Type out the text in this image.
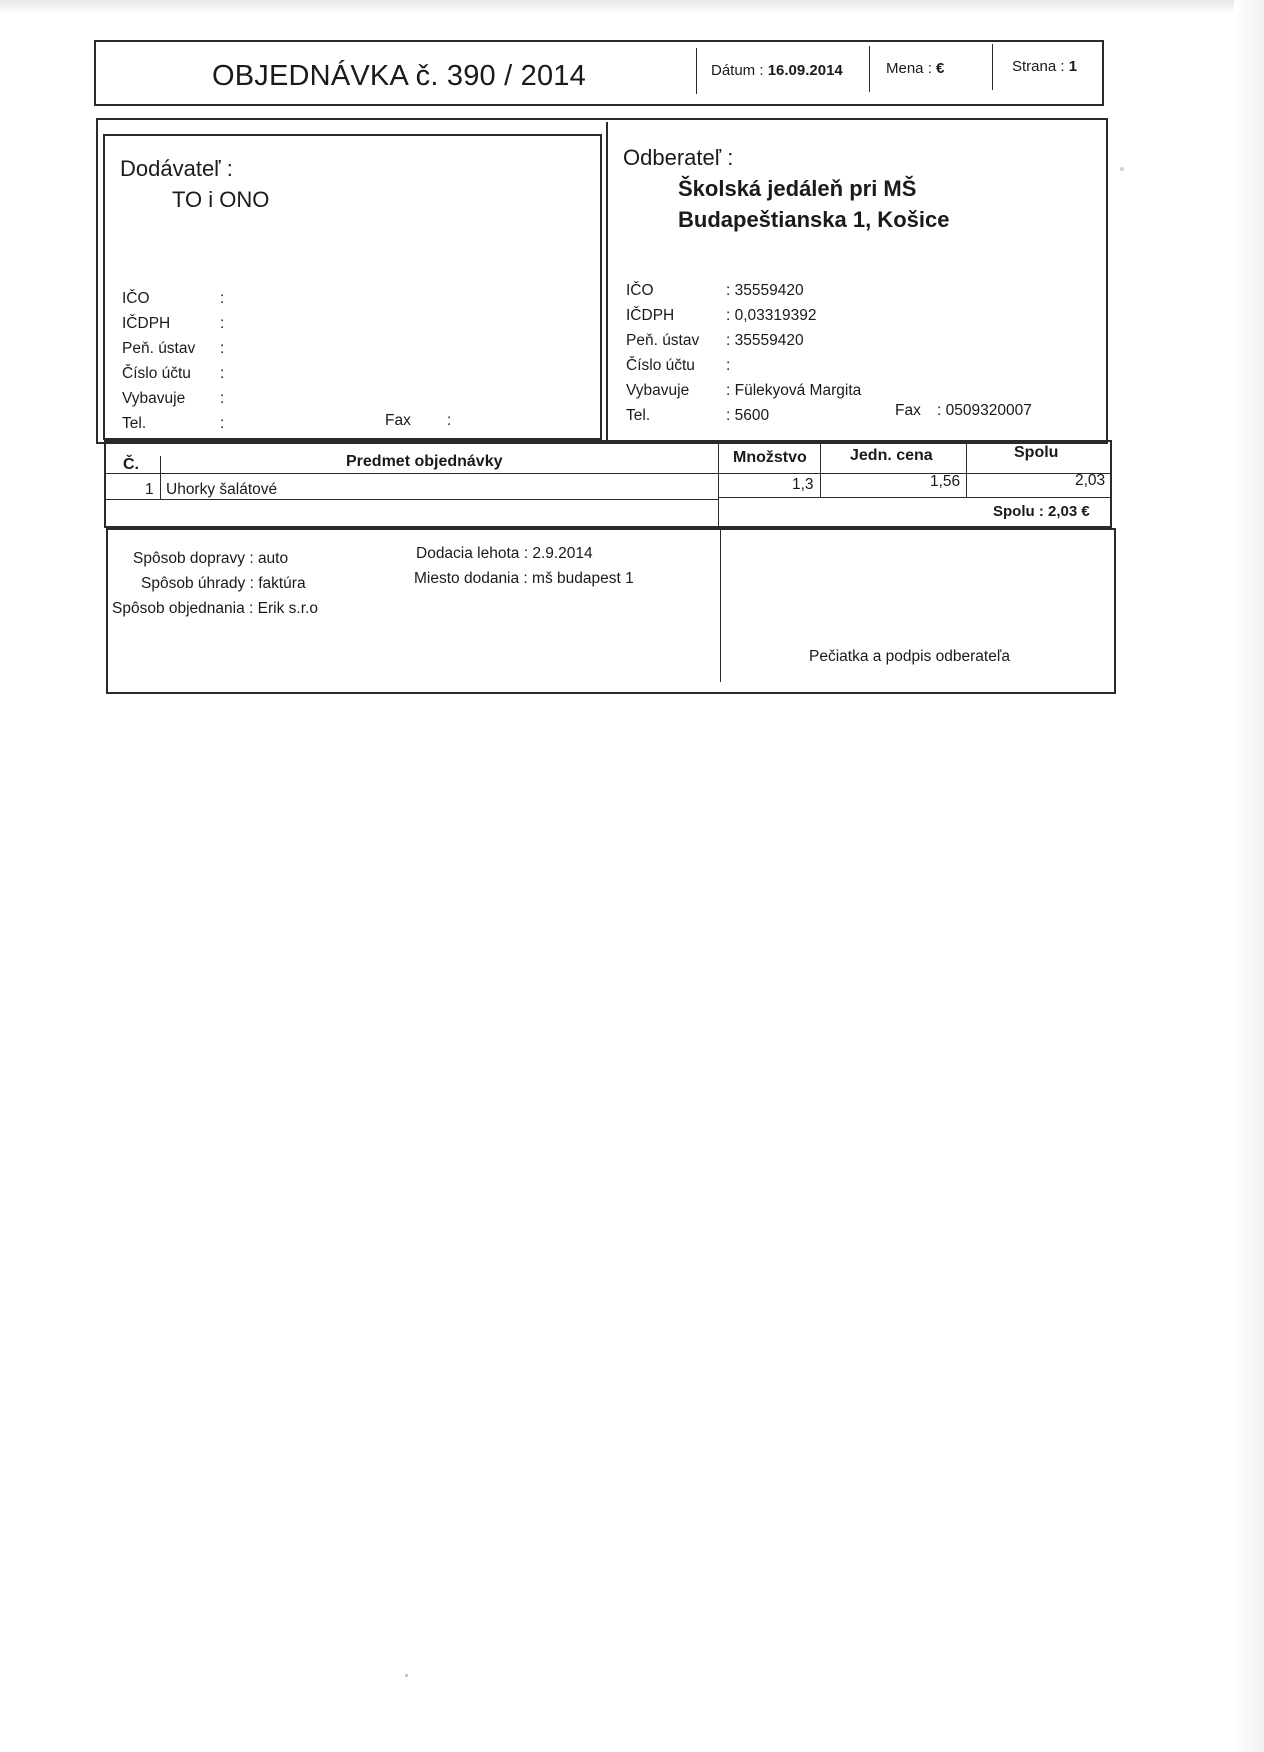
OBJEDNÁVKA č. 390 / 2014	Dátum : 16.09.2014	Mena : €	Strana : 1
Dodávateľ :
TO i ONO
IČO	:
IČDPH	:
Peň. ústav :
Číslo účtu :
Vybavuje :
Tel.	:	Fax :
Odberateľ :
Školská jedáleň pri MŠ
Budapeštianska 1, Košice
IČO	: 35559420
IČDPH	: 0,03319392
Peň. ústav : 35559420
Číslo účtu :
Vybavuje : Fülekyová Margita
Tel.	: 5600	Fax : 0509320007
Č.	Predmet objednávky	Množstvo	Jedn. cena	Spolu
1 Uhorky šalátové	1,3	1,56	2,03
Spolu : 2,03 €
Spôsob dopravy : auto
Spôsob úhrady : faktúra
Spôsob objednania : Erik s.r.o
Dodacia lehota : 2.9.2014
Miesto dodania : mš budapest 1
Pečiatka a podpis odberateľa
